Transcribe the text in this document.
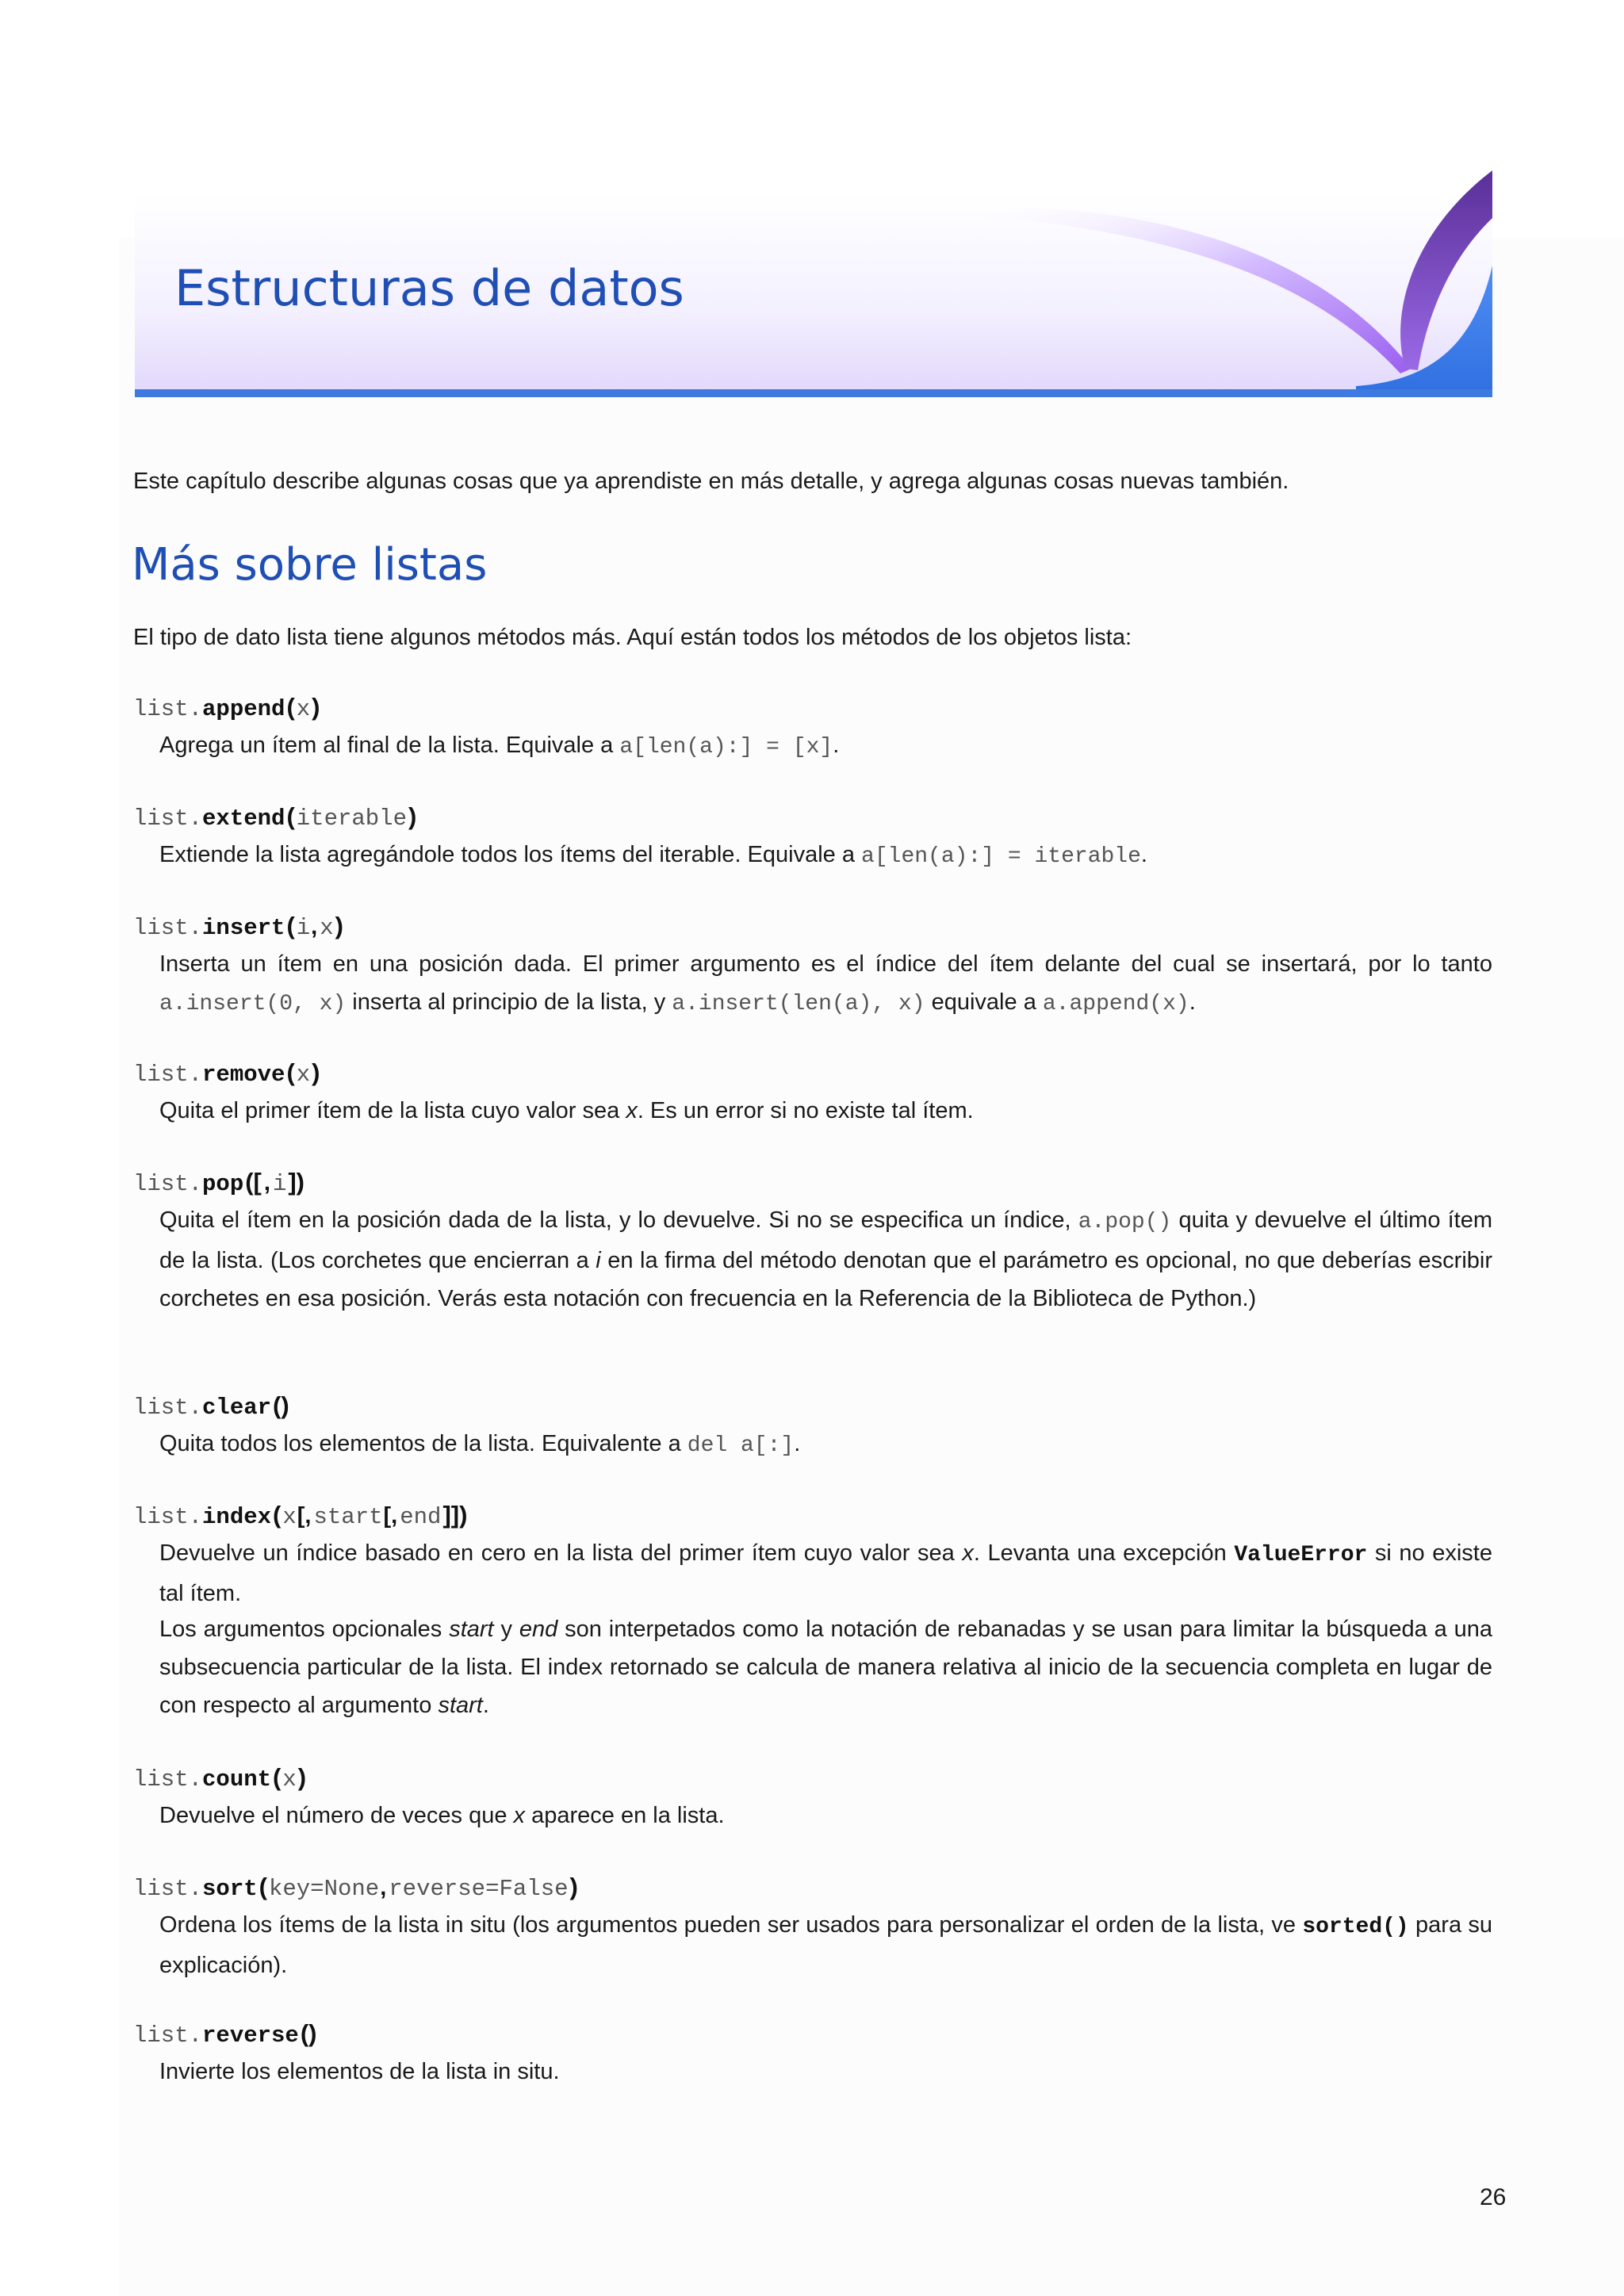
Estructuras de datos

Este capítulo describe algunas cosas que ya aprendiste en más detalle, y agrega algunas cosas nuevas también.

Más sobre listas

El tipo de dato lista tiene algunos métodos más. Aquí están todos los métodos de los objetos lista:

list.append(x)

Agrega un ítem al final de la lista. Equivale a a[len(a):] = [x].

list.extend(iterable)

Extiende la lista agregándole todos los ítems del iterable. Equivale a a[len(a):] = iterable.

list.insert(i, x)

Inserta un ítem en una posición dada. El primer argumento es el índice del ítem delante del cual se insertará, por lo tanto a.insert(0, x) inserta al principio de la lista, y a.insert(len(a), x) equivale a a.append(x).

list.remove(x)

Quita el primer ítem de la lista cuyo valor sea x. Es un error si no existe tal ítem.

list.pop([ , i])

Quita el ítem en la posición dada de la lista, y lo devuelve. Si no se especifica un índice, a.pop() quita y devuelve el último ítem de la lista. (Los corchetes que encierran a i en la firma del método denotan que el parámetro es opcional, no que deberías escribir corchetes en esa posición. Verás esta notación con frecuencia en la Referencia de la Biblioteca de Python.)

list.clear()

Quita todos los elementos de la lista. Equivalente a del a[:].

list.index(x[, start[, end]])

Devuelve un índice basado en cero en la lista del primer ítem cuyo valor sea x. Levanta una excepción ValueError si no existe tal ítem.

Los argumentos opcionales start y end son interpetados como la notación de rebanadas y se usan para limitar la búsqueda a una subsecuencia particular de la lista. El index retornado se calcula de manera relativa al inicio de la secuencia completa en lugar de con respecto al argumento start.

list.count(x)

Devuelve el número de veces que x aparece en la lista.

list.sort(key=None, reverse=False)

Ordena los ítems de la lista in situ (los argumentos pueden ser usados para personalizar el orden de la lista, ve sorted() para su explicación).

list.reverse()

Invierte los elementos de la lista in situ.

26
